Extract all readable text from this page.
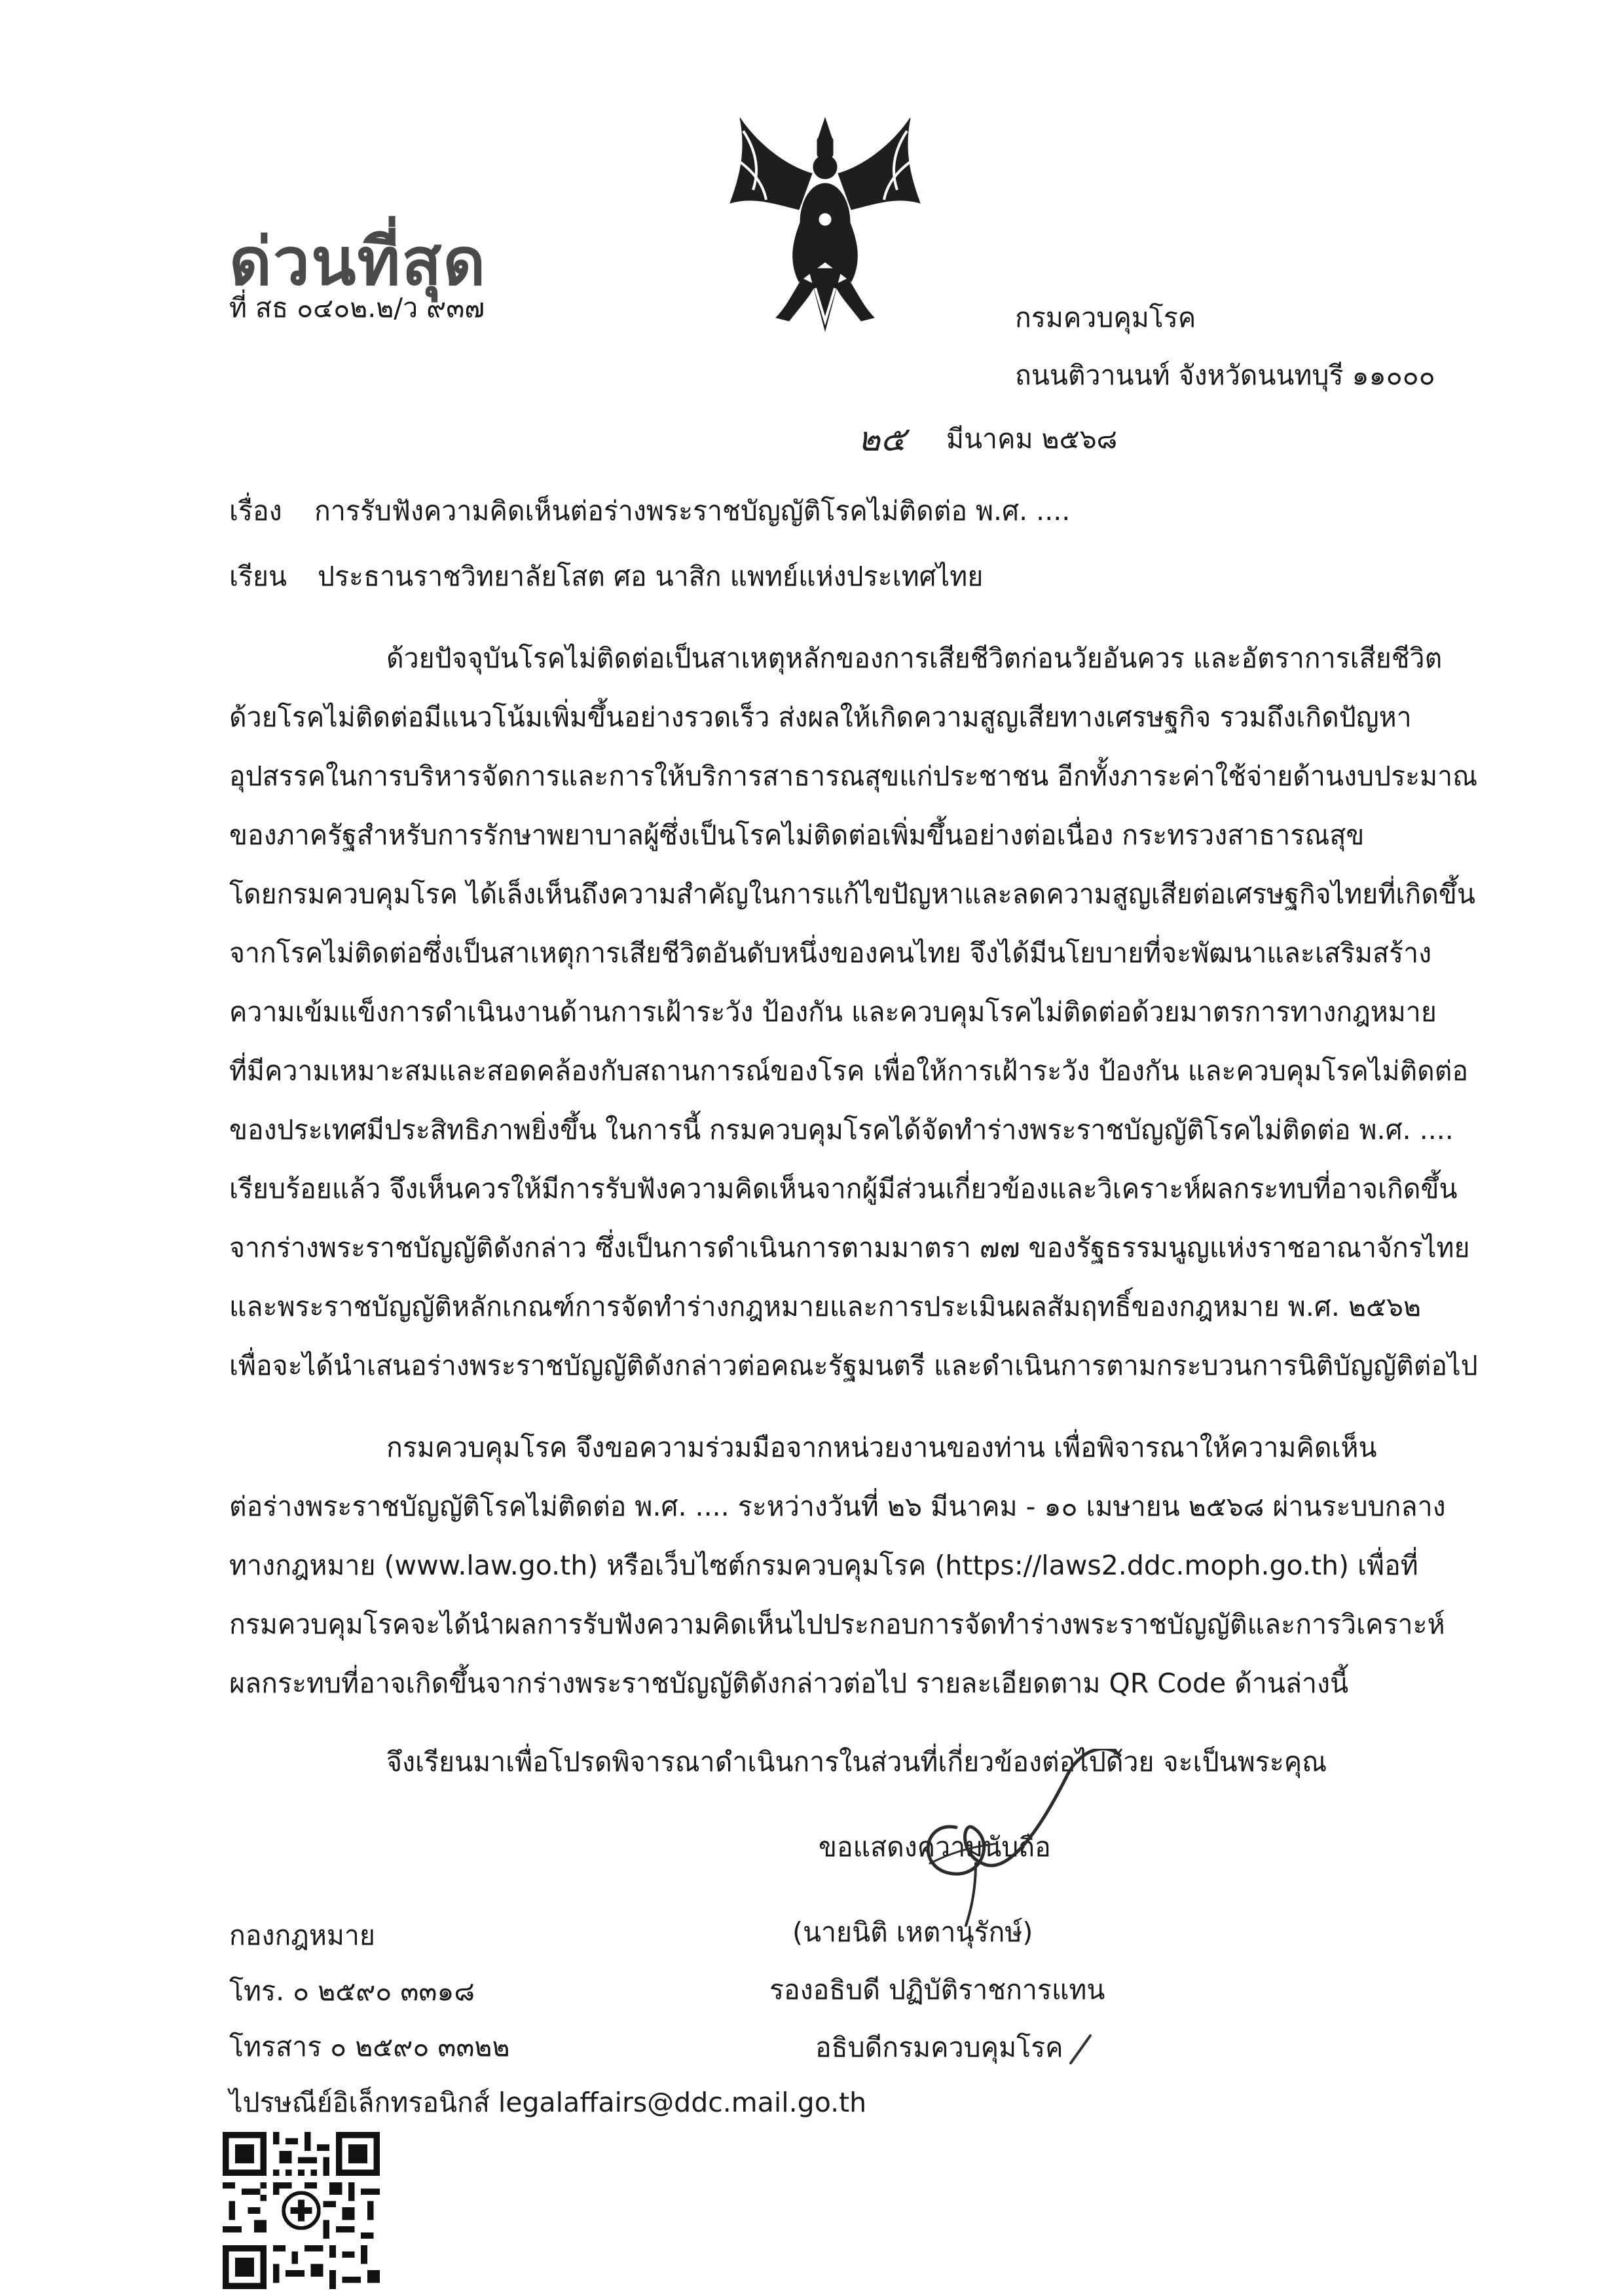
ด่วนที่สุด
ที่ สธ ๐๔๐๒.๒/ว ๙๓๗	กรมควบคุมโรค
ถนนติวานนท์ จังหวัดนนทบุรี ๑๑๐๐๐
๒๕ มีนาคม ๒๕๖๘
เรื่อง การรับฟังความคิดเห็นต่อร่างพระราชบัญญัติโรคไม่ติดต่อ พ.ศ. ....
เรียน ประธานราชวิทยาลัยโสต ศอ นาสิก แพทย์แห่งประเทศไทย
ด้วยปัจจุบันโรคไม่ติดต่อเป็นสาเหตุหลักของการเสียชีวิตก่อนวัยอันควร และอัตราการเสียชีวิต
ด้วยโรคไม่ติดต่อมีแนวโน้มเพิ่มขึ้นอย่างรวดเร็ว ส่งผลให้เกิดความสูญเสียทางเศรษฐกิจ รวมถึงเกิดปัญหา
อุปสรรคในการบริหารจัดการและการให้บริการสาธารณสุขแก่ประชาชน อีกทั้งภาระค่าใช้จ่ายด้านงบประมาณ
ของภาครัฐสำหรับการรักษาพยาบาลผู้ซึ่งเป็นโรคไม่ติดต่อเพิ่มขึ้นอย่างต่อเนื่อง กระทรวงสาธารณสุข
โดยกรมควบคุมโรค ได้เล็งเห็นถึงความสำคัญในการแก้ไขปัญหาและลดความสูญเสียต่อเศรษฐกิจไทยที่เกิดขึ้น
จากโรคไม่ติดต่อซึ่งเป็นสาเหตุการเสียชีวิตอันดับหนึ่งของคนไทย จึงได้มีนโยบายที่จะพัฒนาและเสริมสร้าง
ความเข้มแข็งการดำเนินงานด้านการเฝ้าระวัง ป้องกัน และควบคุมโรคไม่ติดต่อด้วยมาตรการทางกฎหมาย
ที่มีความเหมาะสมและสอดคล้องกับสถานการณ์ของโรค เพื่อให้การเฝ้าระวัง ป้องกัน และควบคุมโรคไม่ติดต่อ
ของประเทศมีประสิทธิภาพยิ่งขึ้น ในการนี้ กรมควบคุมโรคได้จัดทำร่างพระราชบัญญัติโรคไม่ติดต่อ พ.ศ. ....
เรียบร้อยแล้ว จึงเห็นควรให้มีการรับฟังความคิดเห็นจากผู้มีส่วนเกี่ยวข้องและวิเคราะห์ผลกระทบที่อาจเกิดขึ้น
จากร่างพระราชบัญญัติดังกล่าว ซึ่งเป็นการดำเนินการตามมาตรา ๗๗ ของรัฐธรรมนูญแห่งราชอาณาจักรไทย
และพระราชบัญญัติหลักเกณฑ์การจัดทำร่างกฎหมายและการประเมินผลสัมฤทธิ์ของกฎหมาย พ.ศ. ๒๕๖๒
เพื่อจะได้นำเสนอร่างพระราชบัญญัติดังกล่าวต่อคณะรัฐมนตรี และดำเนินการตามกระบวนการนิติบัญญัติต่อไป
กรมควบคุมโรค จึงขอความร่วมมือจากหน่วยงานของท่าน เพื่อพิจารณาให้ความคิดเห็น
ต่อร่างพระราชบัญญัติโรคไม่ติดต่อ พ.ศ. .... ระหว่างวันที่ ๒๖ มีนาคม - ๑๐ เมษายน ๒๕๖๘ ผ่านระบบกลาง
ทางกฎหมาย (www.law.go.th) หรือเว็บไซต์กรมควบคุมโรค (https://laws2.ddc.moph.go.th) เพื่อที่
กรมควบคุมโรคจะได้นำผลการรับฟังความคิดเห็นไปประกอบการจัดทำร่างพระราชบัญญัติและการวิเคราะห์
ผลกระทบที่อาจเกิดขึ้นจากร่างพระราชบัญญัติดังกล่าวต่อไป รายละเอียดตาม QR Code ด้านล่างนี้
จึงเรียนมาเพื่อโปรดพิจารณาดำเนินการในส่วนที่เกี่ยวข้องต่อไปด้วย จะเป็นพระคุณ
ขอแสดงความนับถือ
(นายนิติ เหตานุรักษ์)
รองอธิบดี ปฏิบัติราชการแทน
อธิบดีกรมควบคุมโรค
กองกฎหมาย
โทร. ๐ ๒๕๙๐ ๓๓๑๘
โทรสาร ๐ ๒๕๙๐ ๓๓๒๒
ไปรษณีย์อิเล็กทรอนิกส์ legalaffairs@ddc.mail.go.th
